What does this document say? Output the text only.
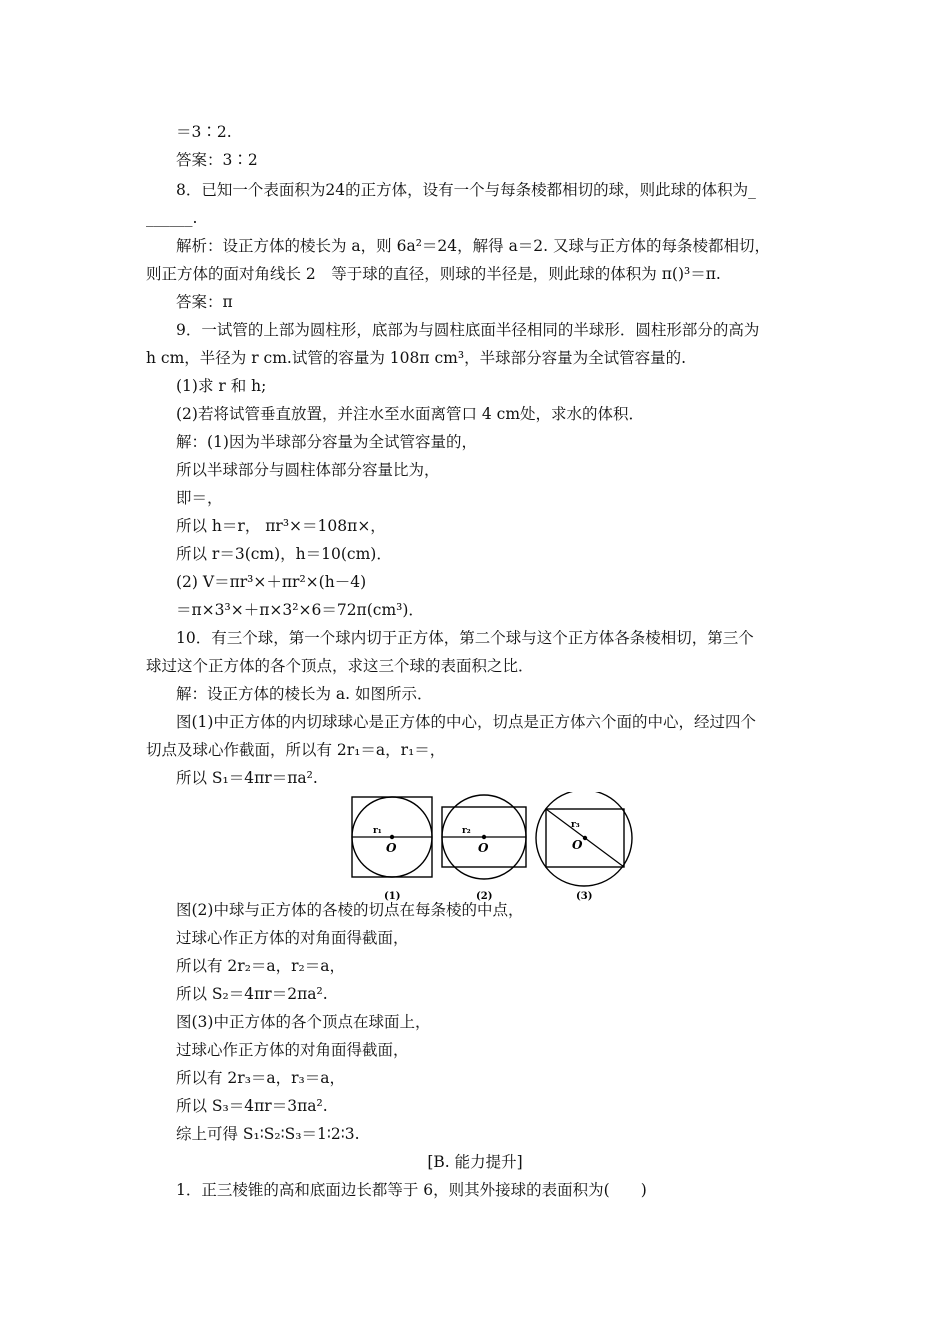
＝3∶2.
答案：3∶2
8．已知一个表面积为24的正方体，设有一个与每条棱都相切的球，则此球的体积为_
______.
解析：设正方体的棱长为 a，则 6a²＝24，解得 a＝2. 又球与正方体的每条棱都相切，
则正方体的面对角线长 2　等于球的直径，则球的半径是，则此球的体积为 π()³＝π.
答案：π
9．一试管的上部为圆柱形，底部为与圆柱底面半径相同的半球形．圆柱形部分的高为
h cm，半径为 r cm.试管的容量为 108π cm³，半球部分容量为全试管容量的.
(1)求 r 和 h;
(2)若将试管垂直放置，并注水至水面离管口 4 cm处，求水的体积．
解：(1)因为半球部分容量为全试管容量的，
所以半球部分与圆柱体部分容量比为，
即＝，
所以 h＝r， πr³×＝108π×，
所以 r＝3(cm)，h＝10(cm)．
(2) V＝πr³×＋πr²×(h－4)
＝π×3³×＋π×3²×6＝72π(cm³)．
10．有三个球，第一个球内切于正方体，第二个球与这个正方体各条棱相切，第三个
球过这个正方体的各个顶点，求这三个球的表面积之比．
解：设正方体的棱长为 a. 如图所示．
图(1)中正方体的内切球球心是正方体的中心，切点是正方体六个面的中心，经过四个
切点及球心作截面，所以有 2r₁＝a，r₁＝，
所以 S₁＝4πr＝πa².
r₁
O
(1)
r₂
O
(2)
r₃
O
(3)
图(2)中球与正方体的各棱的切点在每条棱的中点，
过球心作正方体的对角面得截面，
所以有 2r₂＝a，r₂＝a，
所以 S₂＝4πr＝2πa².
图(3)中正方体的各个顶点在球面上，
过球心作正方体的对角面得截面，
所以有 2r₃＝a，r₃＝a，
所以 S₃＝4πr＝3πa².
综上可得 S₁∶S₂∶S₃＝1∶2∶3.
[B. 能力提升]
1．正三棱锥的高和底面边长都等于 6，则其外接球的表面积为(　　)
